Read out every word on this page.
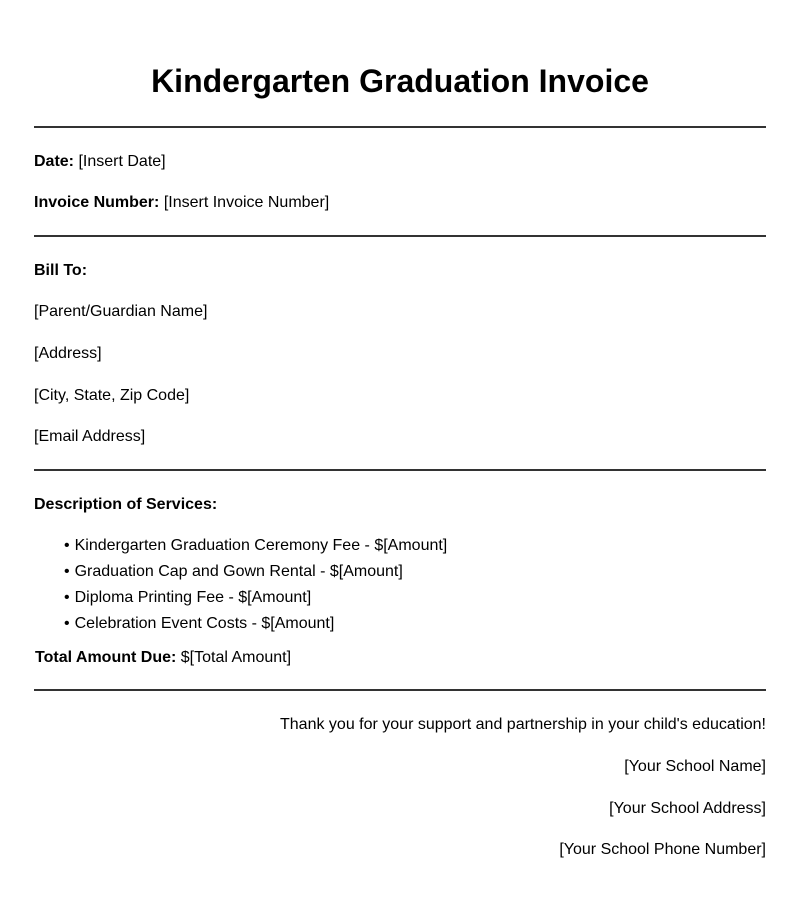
Kindergarten Graduation Invoice
Date: [Insert Date]
Invoice Number: [Insert Invoice Number]
Bill To:
[Parent/Guardian Name]
[Address]
[City, State, Zip Code]
[Email Address]
Description of Services:
• Kindergarten Graduation Ceremony Fee - $[Amount]
• Graduation Cap and Gown Rental - $[Amount]
• Diploma Printing Fee - $[Amount]
• Celebration Event Costs - $[Amount]
Total Amount Due: $[Total Amount]
Thank you for your support and partnership in your child's education!
[Your School Name]
[Your School Address]
[Your School Phone Number]
